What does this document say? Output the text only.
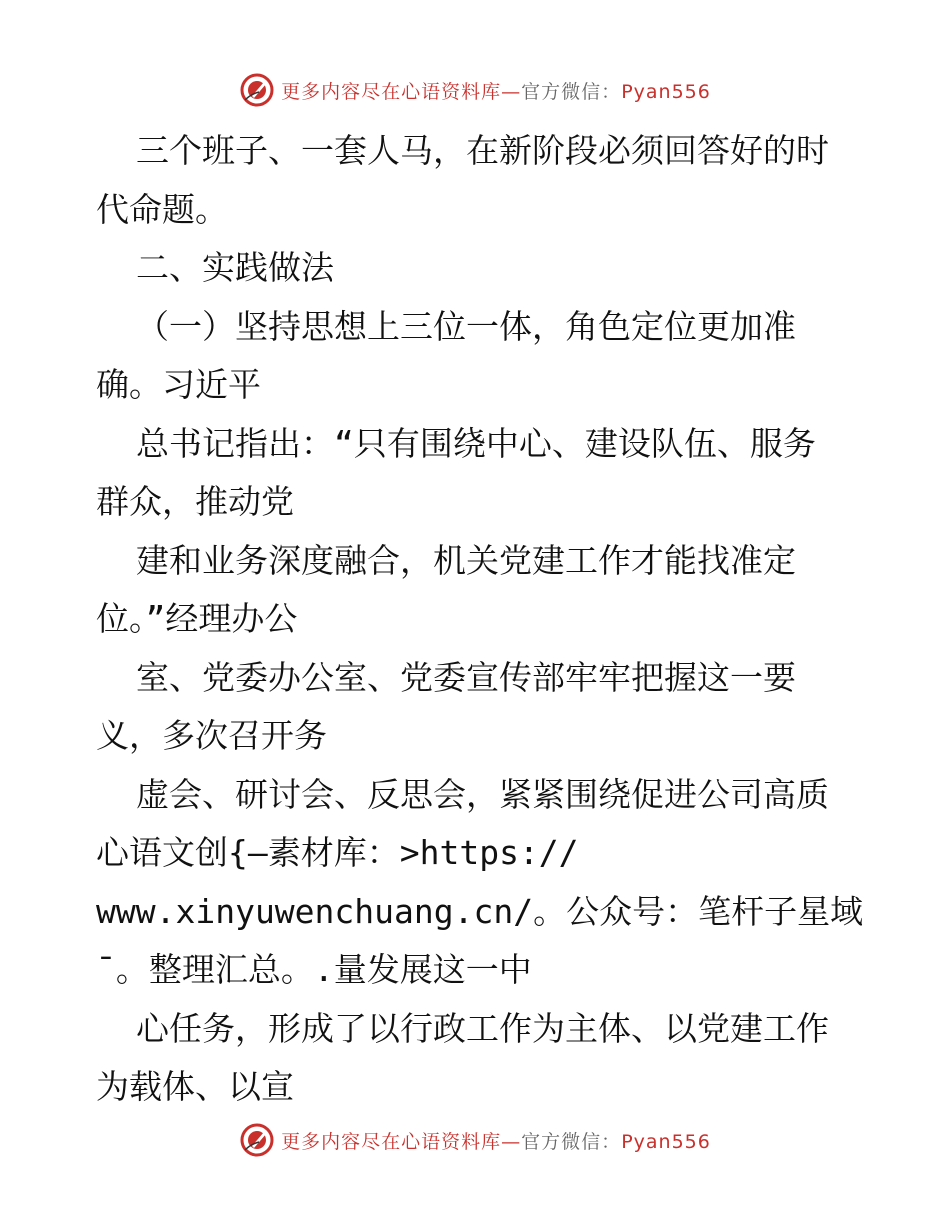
更多内容尽在心语资料库—官方微信：Pyan556
三个班子、一套人马，在新阶段必须回答好的时
代命题。
二、实践做法
（一）坚持思想上三位一体，角色定位更加准
确。习近平
总书记指出：“只有围绕中心、建设队伍、服务
群众，推动党
建和业务深度融合，机关党建工作才能找准定
位。”经理办公
室、党委办公室、党委宣传部牢牢把握这一要
义，多次召开务
虚会、研讨会、反思会，紧紧围绕促进公司高质
心语文创{—素材库：>https://
www.xinyuwenchuang.cn/。公众号：笔杆子星域
¯。整理汇总。.量发展这一中
心任务，形成了以行政工作为主体、以党建工作
为载体、以宣
更多内容尽在心语资料库—官方微信：Pyan556
